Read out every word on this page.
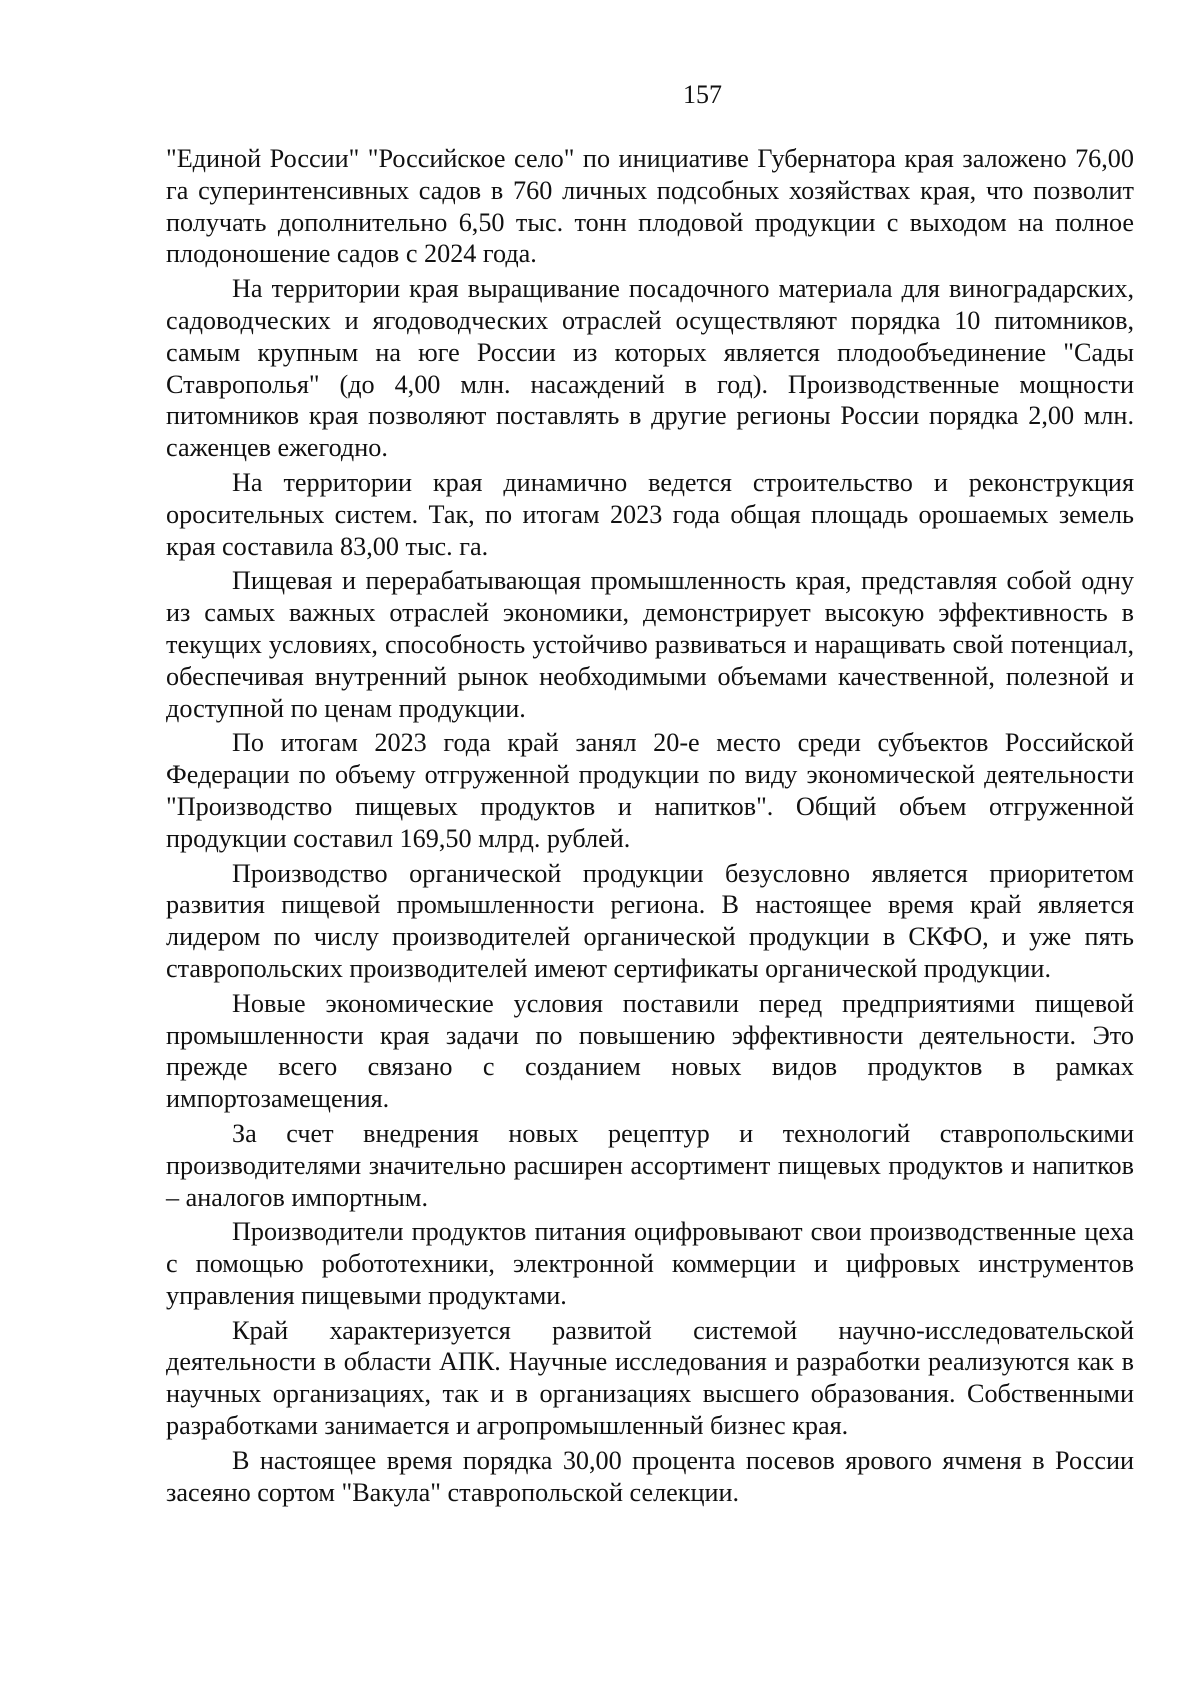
157

"Единой России" "Российское село" по инициативе Губернатора края заложено 76,00 га суперинтенсивных садов в 760 личных подсобных хозяйствах края, что позволит получать дополнительно 6,50 тыс. тонн плодовой продукции с выходом на полное плодоношение садов с 2024 года.

На территории края выращивание посадочного материала для виноградарских, садоводческих и ягодоводческих отраслей осуществляют порядка 10 питомников, самым крупным на юге России из которых является плодообъединение "Сады Ставрополья" (до 4,00 млн. насаждений в год). Производственные мощности питомников края позволяют поставлять в другие регионы России порядка 2,00 млн. саженцев ежегодно.

На территории края динамично ведется строительство и реконструкция оросительных систем. Так, по итогам 2023 года общая площадь орошаемых земель края составила 83,00 тыс. га.

Пищевая и перерабатывающая промышленность края, представляя собой одну из самых важных отраслей экономики, демонстрирует высокую эффективность в текущих условиях, способность устойчиво развиваться и наращивать свой потенциал, обеспечивая внутренний рынок необходимыми объемами качественной, полезной и доступной по ценам продукции.

По итогам 2023 года край занял 20-е место среди субъектов Российской Федерации по объему отгруженной продукции по виду экономической деятельности "Производство пищевых продуктов и напитков". Общий объем отгруженной продукции составил 169,50 млрд. рублей.

Производство органической продукции безусловно является приоритетом развития пищевой промышленности региона. В настоящее время край является лидером по числу производителей органической продукции в СКФО, и уже пять ставропольских производителей имеют сертификаты органической продукции.

Новые экономические условия поставили перед предприятиями пищевой промышленности края задачи по повышению эффективности деятельности. Это прежде всего связано с созданием новых видов продуктов в рамках импортозамещения.

За счет внедрения новых рецептур и технологий ставропольскими производителями значительно расширен ассортимент пищевых продуктов и напитков – аналогов импортным.

Производители продуктов питания оцифровывают свои производственные цеха с помощью робототехники, электронной коммерции и цифровых инструментов управления пищевыми продуктами.

Край характеризуется развитой системой научно-исследовательской деятельности в области АПК. Научные исследования и разработки реализуются как в научных организациях, так и в организациях высшего образования. Собственными разработками занимается и агропромышленный бизнес края.

В настоящее время порядка 30,00 процента посевов ярового ячменя в России засеяно сортом "Вакула" ставропольской селекции.
